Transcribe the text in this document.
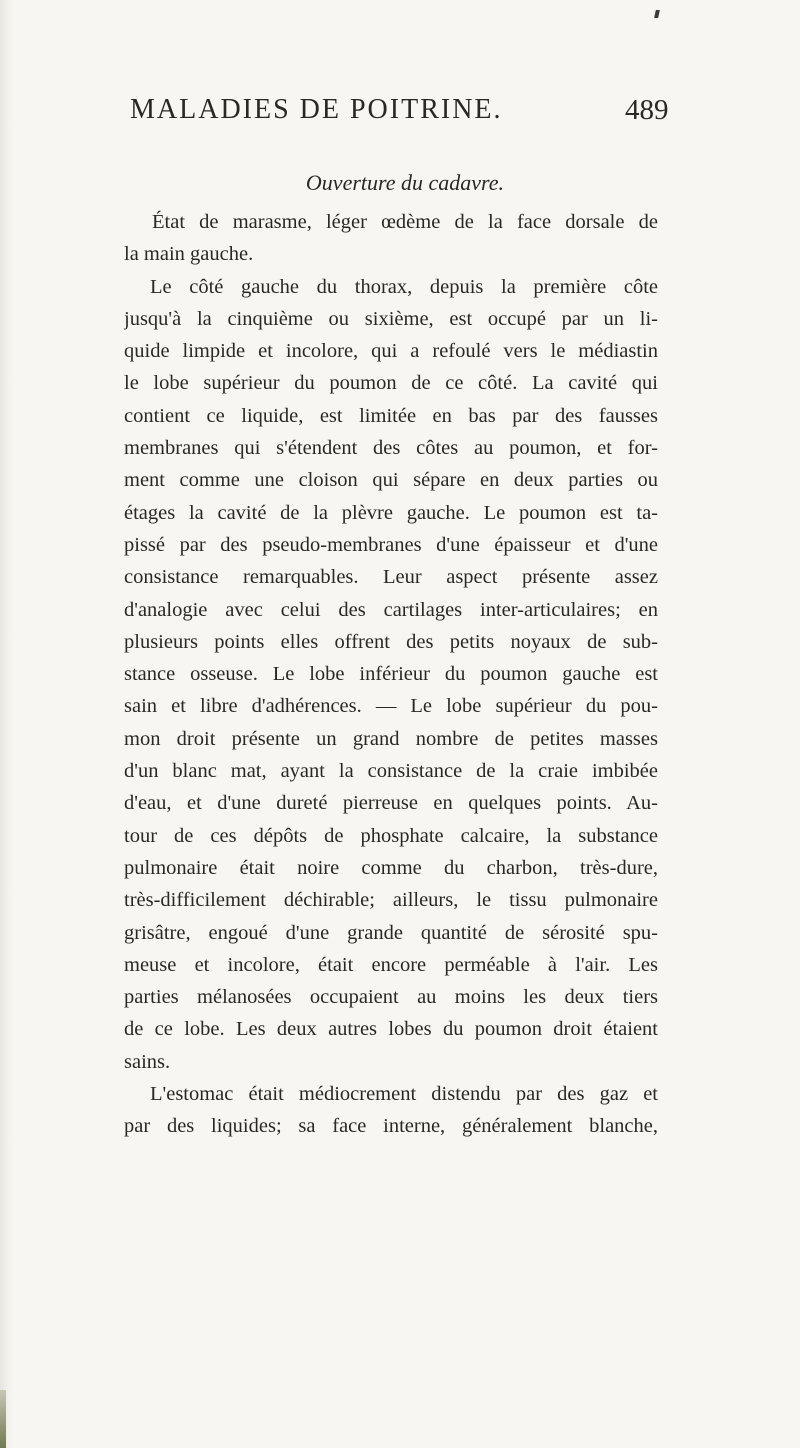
MALADIES DE POITRINE.	489
Ouverture du cadavre.
État de marasme, léger œdème de la face dorsale de
la main gauche.
Le côté gauche du thorax, depuis la première côte
jusqu'à la cinquième ou sixième, est occupé par un li-
quide limpide et incolore, qui a refoulé vers le médiastin
le lobe supérieur du poumon de ce côté. La cavité qui
contient ce liquide, est limitée en bas par des fausses
membranes qui s'étendent des côtes au poumon, et for-
ment comme une cloison qui sépare en deux parties ou
étages la cavité de la plèvre gauche. Le poumon est ta-
pissé par des pseudo-membranes d'une épaisseur et d'une
consistance remarquables. Leur aspect présente assez
d'analogie avec celui des cartilages inter-articulaires; en
plusieurs points elles offrent des petits noyaux de sub-
stance osseuse. Le lobe inférieur du poumon gauche est
sain et libre d'adhérences. — Le lobe supérieur du pou-
mon droit présente un grand nombre de petites masses
d'un blanc mat, ayant la consistance de la craie imbibée
d'eau, et d'une dureté pierreuse en quelques points. Au-
tour de ces dépôts de phosphate calcaire, la substance
pulmonaire était noire comme du charbon, très-dure,
très-difficilement déchirable; ailleurs, le tissu pulmonaire
grisâtre, engoué d'une grande quantité de sérosité spu-
meuse et incolore, était encore perméable à l'air. Les
parties mélanosées occupaient au moins les deux tiers
de ce lobe. Les deux autres lobes du poumon droit étaient
sains.
L'estomac était médiocrement distendu par des gaz et
par des liquides; sa face interne, généralement blanche,
